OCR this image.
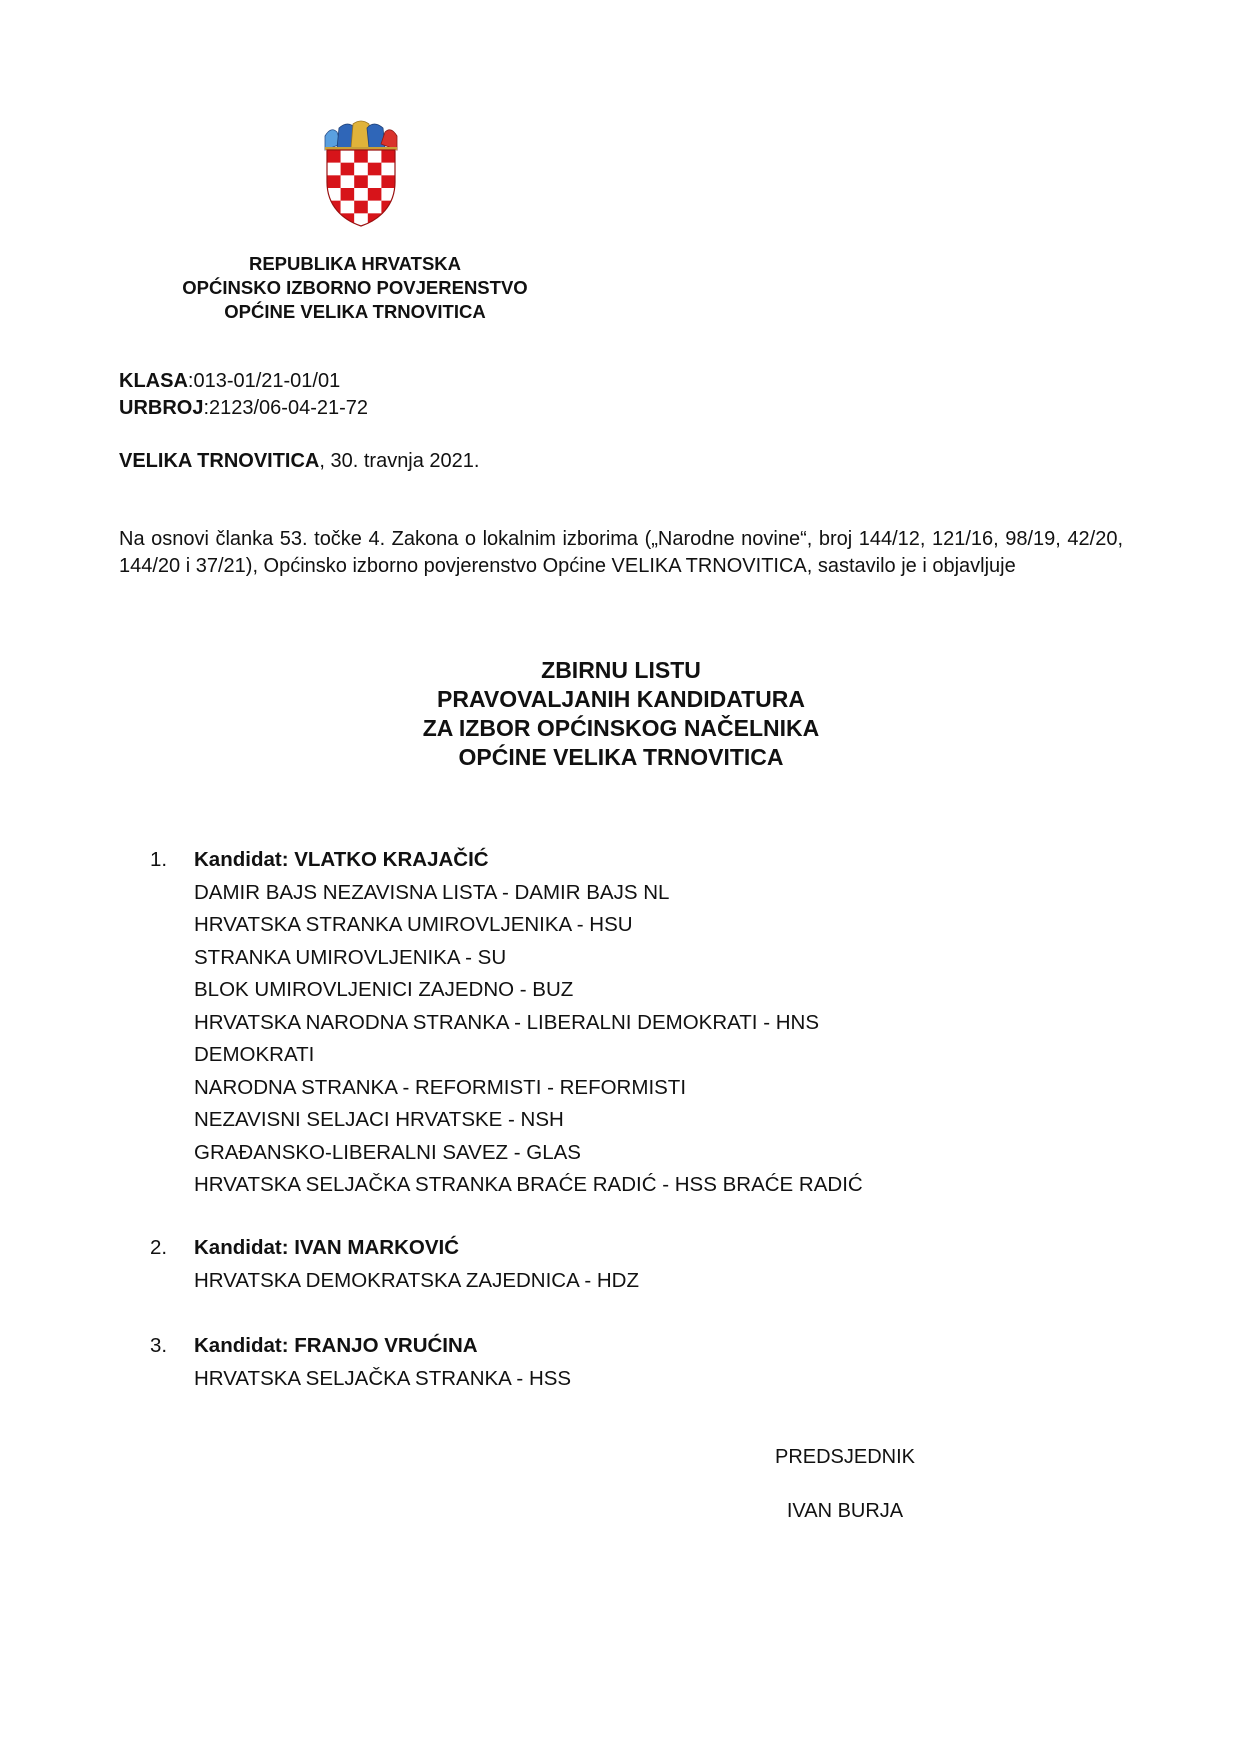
REPUBLIKA HRVATSKA
OPĆINSKO IZBORNO POVJERENSTVO
OPĆINE VELIKA TRNOVITICA
KLASA:013-01/21-01/01
URBROJ:2123/06-04-21-72
VELIKA TRNOVITICA, 30. travnja 2021.
Na osnovi članka 53. točke 4. Zakona o lokalnim izborima („Narodne novine“, broj 144/12, 121/16, 98/19, 42/20, 144/20 i 37/21), Općinsko izborno povjerenstvo Općine VELIKA TRNOVITICA, sastavilo je i objavljuje
ZBIRNU LISTU
PRAVOVALJANIH KANDIDATURA
ZA IZBOR OPĆINSKOG NAČELNIKA
OPĆINE VELIKA TRNOVITICA
1.	Kandidat: VLATKO KRAJAČIĆ
DAMIR BAJS NEZAVISNA LISTA - DAMIR BAJS NL
HRVATSKA STRANKA UMIROVLJENIKA - HSU
STRANKA UMIROVLJENIKA - SU
BLOK UMIROVLJENICI ZAJEDNO - BUZ
HRVATSKA NARODNA STRANKA - LIBERALNI DEMOKRATI - HNS
DEMOKRATI
NARODNA STRANKA - REFORMISTI - REFORMISTI
NEZAVISNI SELJACI HRVATSKE - NSH
GRAĐANSKO-LIBERALNI SAVEZ - GLAS
HRVATSKA SELJAČKA STRANKA BRAĆE RADIĆ - HSS BRAĆE RADIĆ
2.	Kandidat: IVAN MARKOVIĆ
HRVATSKA DEMOKRATSKA ZAJEDNICA - HDZ
3.	Kandidat: FRANJO VRUĆINA
HRVATSKA SELJAČKA STRANKA - HSS
PREDSJEDNIK
IVAN BURJA
